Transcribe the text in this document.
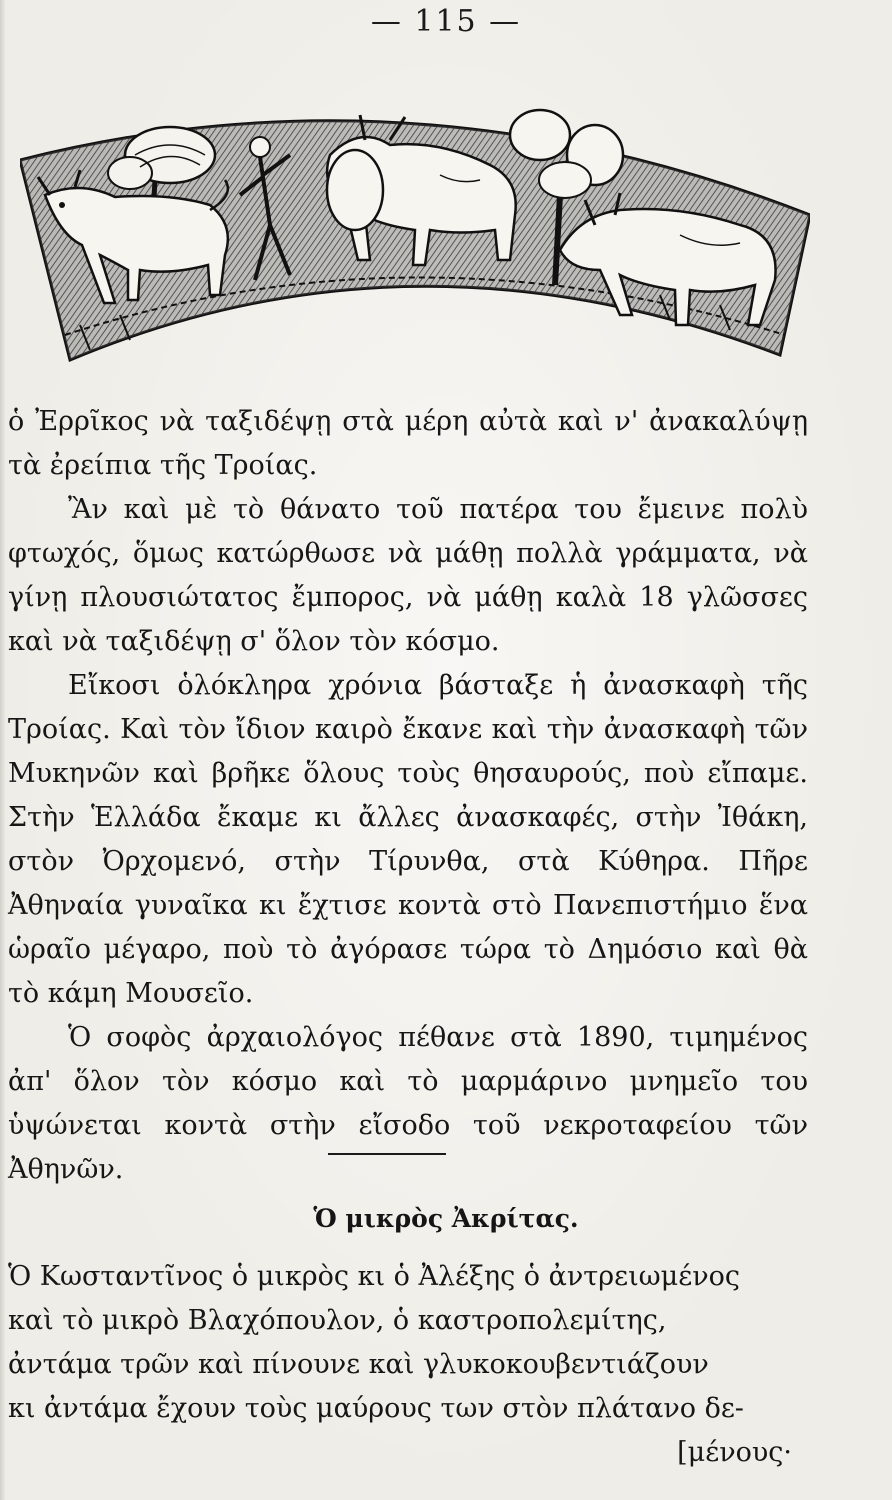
— 115 —

ὁ Ἐρρῖκος νὰ ταξιδέψῃ στὰ μέρη αὐτὰ καὶ ν' ἀνακαλύψῃ τὰ ἐρείπια τῆς Τροίας.

Ἂν καὶ μὲ τὸ θάνατο τοῦ πατέρα του ἔμεινε πολὺ φτωχός, ὅμως κατώρθωσε νὰ μάθῃ πολλὰ γράμματα, νὰ γίνῃ πλουσιώτατος ἔμπορος, νὰ μάθῃ καλὰ 18 γλῶσσες καὶ νὰ ταξιδέψῃ σ' ὅλον τὸν κόσμο.

Εἴκοσι ὁλόκληρα χρόνια βάσταξε ἡ ἀνασκαφὴ τῆς Τροίας. Καὶ τὸν ἴδιον καιρὸ ἔκανε καὶ τὴν ἀνασκαφὴ τῶν Μυκηνῶν καὶ βρῆκε ὅλους τοὺς θησαυρούς, ποὺ εἴπαμε. Στὴν Ἑλλάδα ἔκαμε κι ἄλλες ἀνασκαφές, στὴν Ἰθάκη, στὸν Ὀρχομενό, στὴν Τίρυνθα, στὰ Κύθηρα. Πῆρε Ἀθηναία γυναῖκα κι ἔχτισε κοντὰ στὸ Πανεπιστήμιο ἕνα ὡραῖο μέγαρο, ποὺ τὸ ἀγόρασε τώρα τὸ Δημόσιο καὶ θὰ τὸ κάμη Μουσεῖο.

Ὁ σοφὸς ἀρχαιολόγος πέθανε στὰ 1890, τιμημένος ἀπ' ὅλον τὸν κόσμο καὶ τὸ μαρμάρινο μνημεῖο του ὑψώνεται κοντὰ στὴν εἴσοδο τοῦ νεκροταφείου τῶν Ἀθηνῶν.

Ὁ μικρὸς Ἀκρίτας.
Ὁ Κωσταντῖνος ὁ μικρὸς κι ὁ Ἀλέξης ὁ ἀντρειωμένος
καὶ τὸ μικρὸ Βλαχόπουλον, ὁ καστροπολεμίτης,
ἀντάμα τρῶν καὶ πίνουνε καὶ γλυκοκουβεντιάζουν
κι ἀντάμα ἔχουν τοὺς μαύρους των στὸν πλάτανο δε-
[μένους·
